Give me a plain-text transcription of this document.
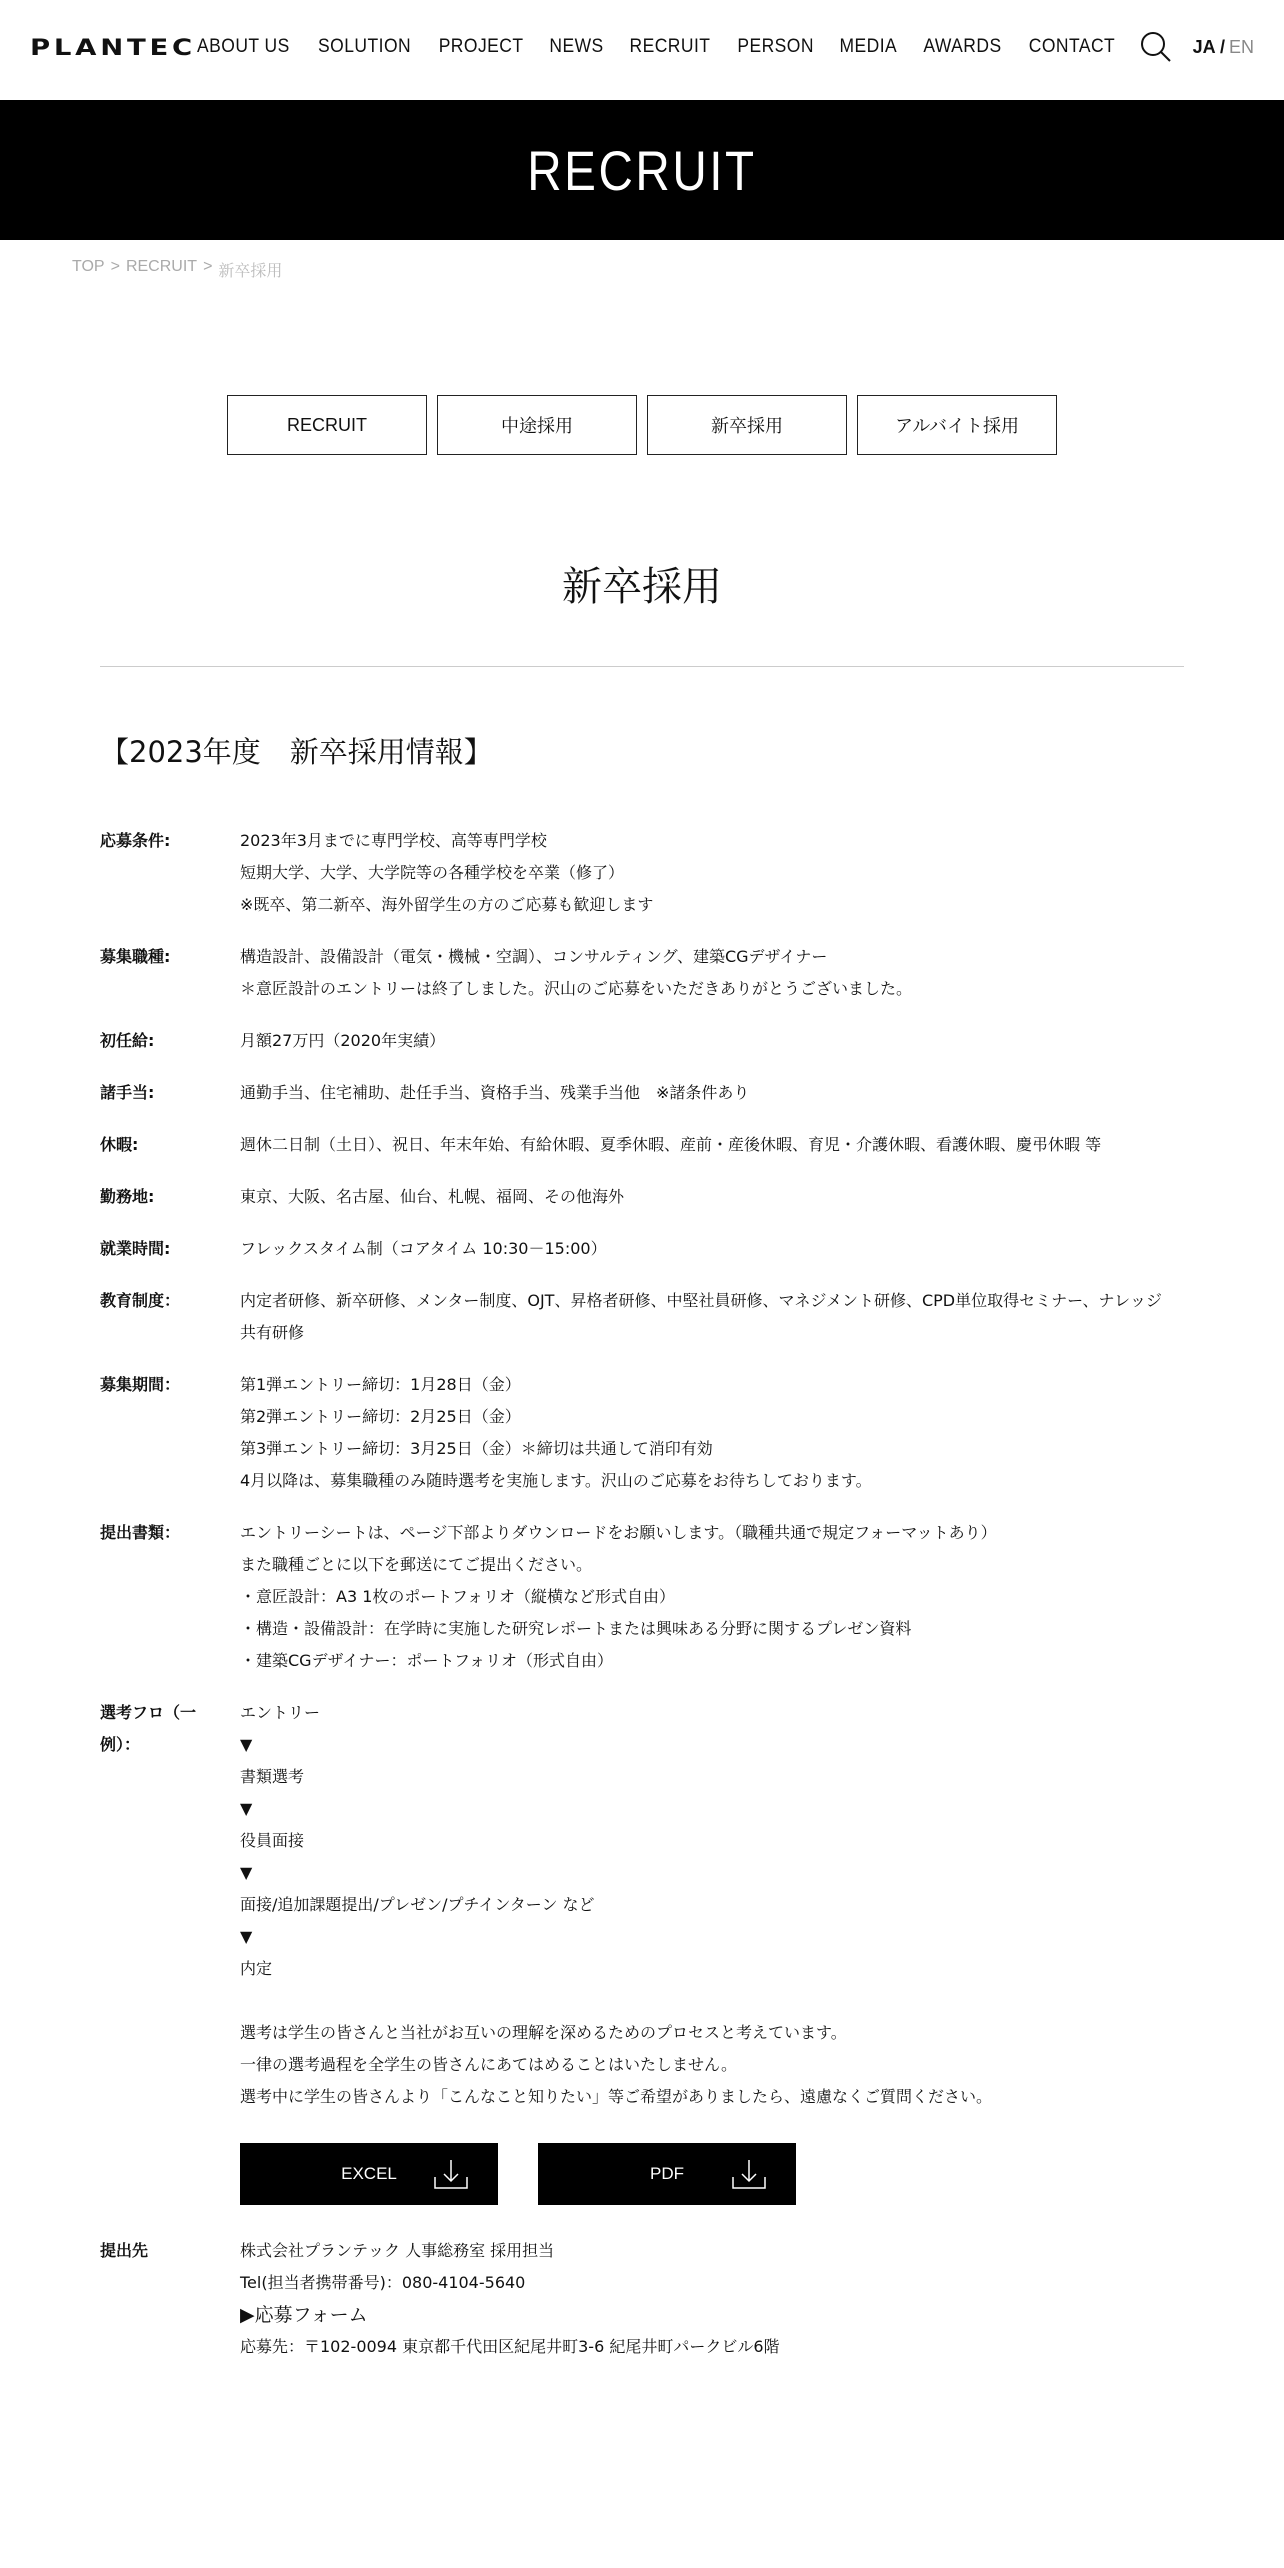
PLANTEC ABOUT US SOLUTION PROJECT NEWS RECRUIT PERSON MEDIA AWARDS CONTACT	JA / EN
RECRUIT
TOP > RECRUIT > 新卒採用
RECRUIT	中途採用	新卒採用	アルバイト採用
新卒採用
【2023年度　新卒採用情報】
応募条件:	2023年3月までに専門学校、高等専門学校
短期大学、大学、大学院等の各種学校を卒業（修了）
※既卒、第二新卒、海外留学生の方のご応募も歓迎します
募集職種:	構造設計、設備設計（電気・機械・空調）、コンサルティング、建築CGデザイナー
＊意匠設計のエントリーは終了しました。沢山のご応募をいただきありがとうございました。
初任給:	月額27万円（2020年実績）
諸手当:	通勤手当、住宅補助、赴任手当、資格手当、残業手当他　※諸条件あり
休暇:	週休二日制（土日）、祝日、年末年始、有給休暇、夏季休暇、産前・産後休暇、育児・介護休暇、看護休暇、慶弔休暇 等
勤務地:	東京、大阪、名古屋、仙台、札幌、福岡、その他海外
就業時間:	フレックスタイム制（コアタイム 10:30－15:00）
教育制度：	内定者研修、新卒研修、メンター制度、OJT、昇格者研修、中堅社員研修、マネジメント研修、CPD単位取得セミナー、ナレッジ
共有研修
募集期間：	第1弾エントリー締切：1月28日（金）
第2弾エントリー締切：2月25日（金）
第3弾エントリー締切：3月25日（金）＊締切は共通して消印有効
4月以降は、募集職種のみ随時選考を実施します。沢山のご応募をお待ちしております。
提出書類：	エントリーシートは、ページ下部よりダウンロードをお願いします。（職種共通で規定フォーマットあり）
また職種ごとに以下を郵送にてご提出ください。
・意匠設計：A3 1枚のポートフォリオ（縦横など形式自由）
・構造・設備設計：在学時に実施した研究レポートまたは興味ある分野に関するプレゼン資料
・建築CGデザイナー：ポートフォリオ（形式自由）
選考フロ（一
例）：
エントリー
▼
書類選考
▼
役員面接
▼
面接/追加課題提出/プレゼン/プチインターン など
▼
内定
選考は学生の皆さんと当社がお互いの理解を深めるためのプロセスと考えています。
一律の選考過程を全学生の皆さんにあてはめることはいたしません。
選考中に学生の皆さんより「こんなこと知りたい」等ご希望がありましたら、遠慮なくご質問ください。
EXCEL	PDF
提出先	株式会社プランテック 人事総務室 採用担当
Tel(担当者携帯番号)：080-4104-5640
▶応募フォーム
応募先：〒102-0094 東京都千代田区紀尾井町3-6 紀尾井町パークビル6階
